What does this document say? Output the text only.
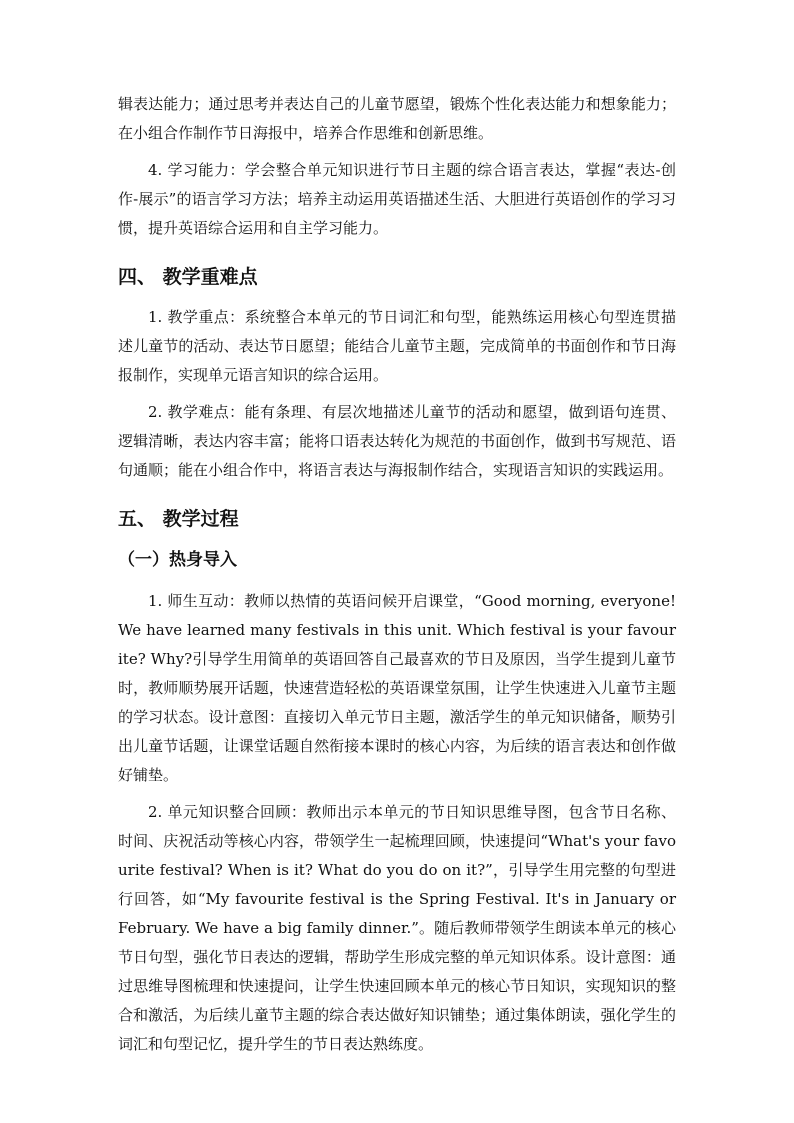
辑表达能力；通过思考并表达自己的儿童节愿望，锻炼个性化表达能力和想象能力；在小组合作制作节日海报中，培养合作思维和创新思维。

4. 学习能力：学会整合单元知识进行节日主题的综合语言表达，掌握“表达-创作-展示”的语言学习方法；培养主动运用英语描述生活、大胆进行英语创作的学习习惯，提升英语综合运用和自主学习能力。

四、 教学重难点

1. 教学重点：系统整合本单元的节日词汇和句型，能熟练运用核心句型连贯描述儿童节的活动、表达节日愿望；能结合儿童节主题，完成简单的书面创作和节日海报制作，实现单元语言知识的综合运用。

2. 教学难点：能有条理、有层次地描述儿童节的活动和愿望，做到语句连贯、逻辑清晰，表达内容丰富；能将口语表达转化为规范的书面创作，做到书写规范、语句通顺；能在小组合作中，将语言表达与海报制作结合，实现语言知识的实践运用。

五、 教学过程
（一）热身导入

1. 师生互动：教师以热情的英语问候开启课堂，“Good morning, everyone! We have learned many festivals in this unit. Which festival is your favourite? Why?引导学生用简单的英语回答自己最喜欢的节日及原因，当学生提到儿童节时，教师顺势展开话题，快速营造轻松的英语课堂氛围，让学生快速进入儿童节主题的学习状态。设计意图：直接切入单元节日主题，激活学生的单元知识储备，顺势引出儿童节话题，让课堂话题自然衔接本课时的核心内容，为后续的语言表达和创作做好铺垫。

2. 单元知识整合回顾：教师出示本单元的节日知识思维导图，包含节日名称、时间、庆祝活动等核心内容，带领学生一起梳理回顾，快速提问“What's your favourite festival? When is it? What do you do on it?”，引导学生用完整的句型进行回答，如“My favourite festival is the Spring Festival. It's in January or February. We have a big family dinner.”。随后教师带领学生朗读本单元的核心节日句型，强化节日表达的逻辑，帮助学生形成完整的单元知识体系。设计意图：通过思维导图梳理和快速提问，让学生快速回顾本单元的核心节日知识，实现知识的整合和激活，为后续儿童节主题的综合表达做好知识铺垫；通过集体朗读，强化学生的词汇和句型记忆，提升学生的节日表达熟练度。
